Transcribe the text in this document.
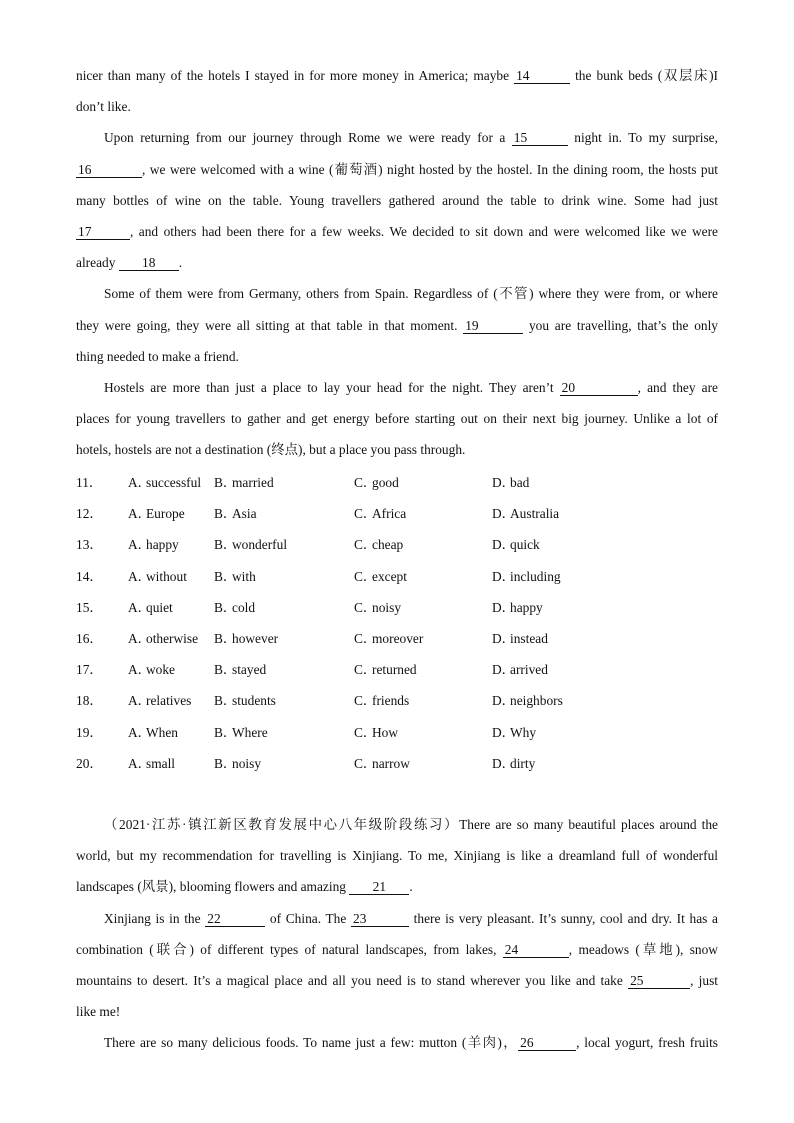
nicer than many of the hotels I stayed in for more money in America; maybe 14	the bunk beds (双层床)I
don’t like.
Upon returning from our journey through Rome we were ready for a 15	night in. To my surprise,
16	, we were welcomed with a wine (葡萄酒) night hosted by the hostel. In the dining room, the hosts put
many bottles of wine on the table. Young travellers gathered around the table to drink wine. Some had just
17	, and others had been there for a few weeks. We decided to sit down and were welcomed like we were
already 18 .
Some of them were from Germany, others from Spain. Regardless of (不管) where they were from, or where
they were going, they were all sitting at that table in that moment. 19	you are travelling, that’s the only
thing needed to make a friend.
Hostels are more than just a place to lay your head for the night. They aren’t 20	, and they are
places for young travellers to gather and get energy before starting out on their next big journey. Unlike a lot of
hotels, hostels are not a destination (终点), but a place you pass through.
11．	A．successful	B．married	C．good	D．bad
12．	A．Europe	B．Asia	C．Africa	D．Australia
13．	A．happy	B．wonderful	C．cheap	D．quick
14．	A．without	B．with	C．except	D．including
15．	A．quiet	B．cold	C．noisy	D．happy
16．	A．otherwise	B．however	C．moreover	D．instead
17．	A．woke	B．stayed	C．returned	D．arrived
18．	A．relatives	B．students	C．friends	D．neighbors
19．	A．When	B．Where	C．How	D．Why
20．	A．small	B．noisy	C．narrow	D．dirty
（2021·江苏·镇江新区教育发展中心八年级阶段练习）There are so many beautiful places around the
world, but my recommendation for travelling is Xinjiang. To me, Xinjiang is like a dreamland full of wonderful
landscapes (风景), blooming flowers and amazing 21 .
Xinjiang is in the 22	of China. The 23	there is very pleasant. It’s sunny, cool and dry. It has a
combination (联合) of different types of natural landscapes, from lakes, 24	, meadows (草地), snow
mountains to desert. It’s a magical place and all you need is to stand wherever you like and take 25	, just
like me!
There are so many delicious foods. To name just a few: mutton (羊肉)， 26	, local yogurt, fresh fruits
